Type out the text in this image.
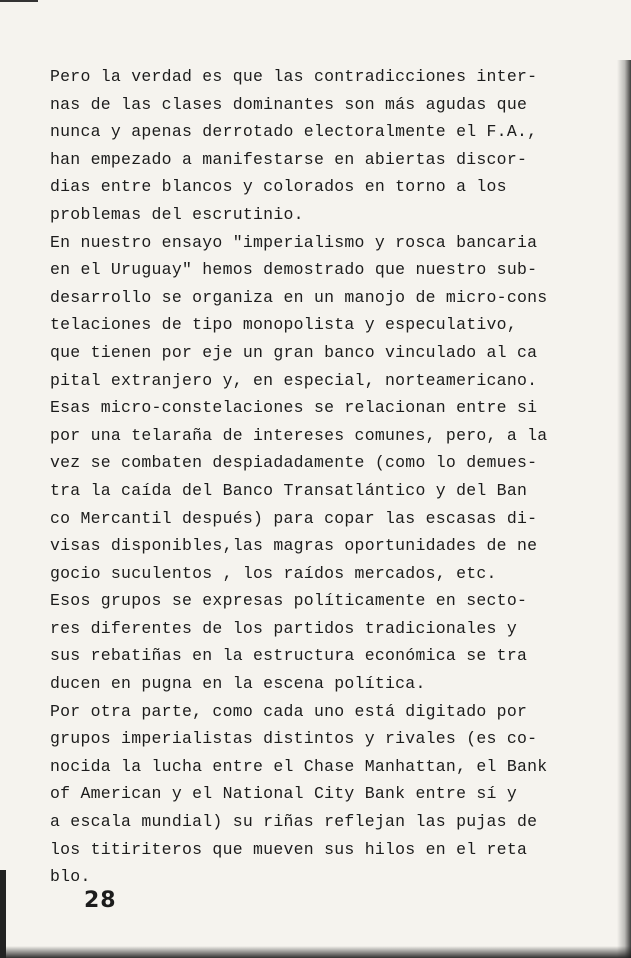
Pero la verdad es que las contradicciones inter-
nas de las clases dominantes son más agudas que
nunca y apenas derrotado electoralmente el F.A.,
han empezado a manifestarse en abiertas discor-
dias entre blancos y colorados en torno a los
problemas del escrutinio.
En nuestro ensayo "imperialismo y rosca bancaria
en el Uruguay" hemos demostrado que nuestro sub-
desarrollo se organiza en un manojo de micro-cons
telaciones de tipo monopolista y especulativo,
que tienen por eje un gran banco vinculado al ca
pital extranjero y, en especial, norteamericano.
Esas micro-constelaciones se relacionan entre si
por una telaraña de intereses comunes, pero, a la
vez se combaten despiadadamente (como lo demues-
tra la caída del Banco Transatlántico y del Ban
co Mercantil después) para copar las escasas di-
visas disponibles,las magras oportunidades de ne
gocio suculentos , los raídos mercados, etc.
Esos grupos se expresas políticamente en secto-
res diferentes de los partidos tradicionales y
sus rebatiñas en la estructura económica se tra
ducen en pugna en la escena política.
Por otra parte, como cada uno está digitado por
grupos imperialistas distintos y rivales (es co-
nocida la lucha entre el Chase Manhattan, el Bank
of American y el National City Bank entre sí y
a escala mundial) su riñas reflejan las pujas de
los titiriteros que mueven sus hilos en el reta
blo.
28
